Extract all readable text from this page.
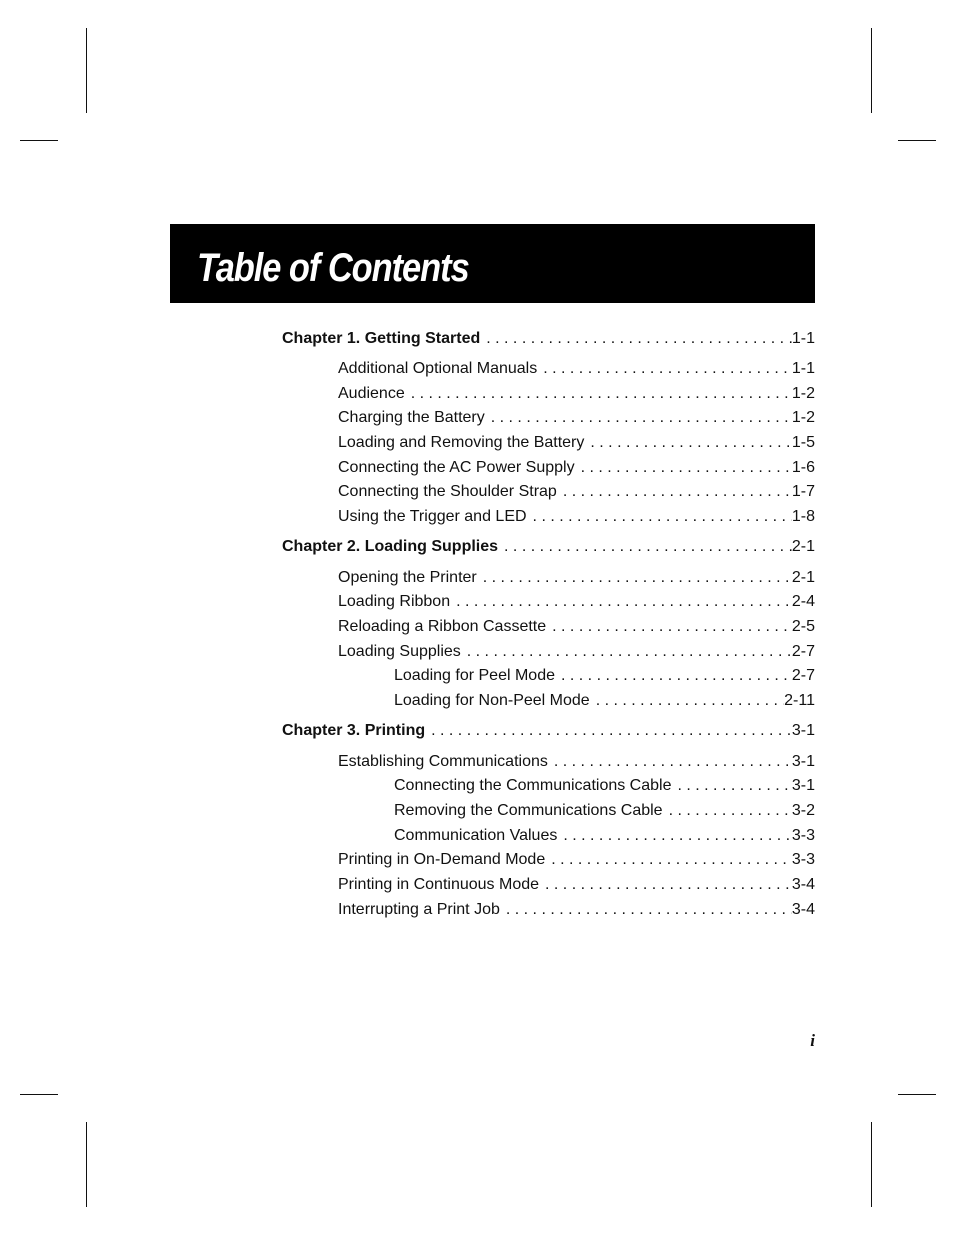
Table of Contents
Chapter 1. Getting Started . . .	1-1
Additional Optional Manuals . . .	1-1
Audience . . .	1-2
Charging the Battery . . .	1-2
Loading and Removing the Battery . . .	1-5
Connecting the AC Power Supply . . .	1-6
Connecting the Shoulder Strap . . .	1-7
Using the Trigger and LED . . .	1-8
Chapter 2. Loading Supplies . . .	2-1
Opening the Printer . . .	2-1
Loading Ribbon . . .	2-4
Reloading a Ribbon Cassette . . .	2-5
Loading Supplies . . .	2-7
Loading for Peel Mode . . .	2-7
Loading for Non-Peel Mode . . .	2-11
Chapter 3. Printing . . .	3-1
Establishing Communications . . .	3-1
Connecting the Communications Cable . . .	3-1
Removing the Communications Cable . . .	3-2
Communication Values . . .	3-3
Printing in On-Demand Mode . . .	3-3
Printing in Continuous Mode . . .	3-4
Interrupting a Print Job . . .	3-4
i
